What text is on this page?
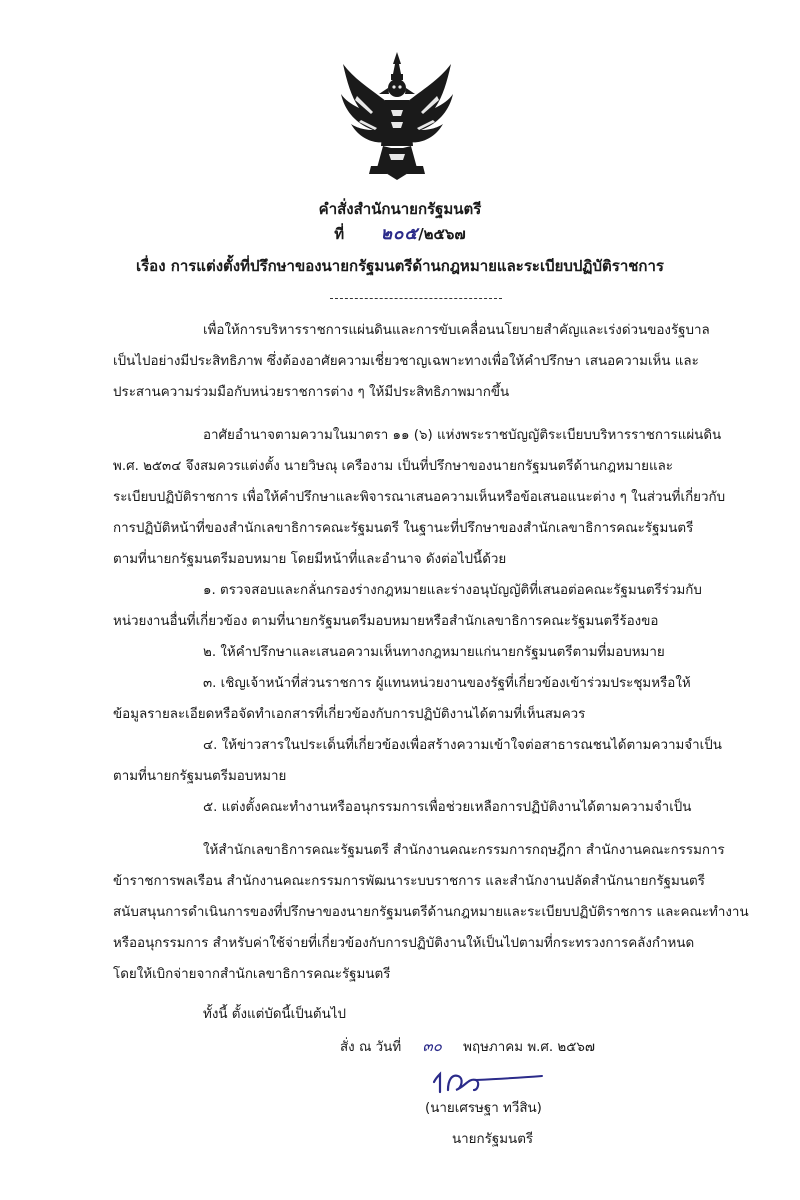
คำสั่งสำนักนายกรัฐมนตรี
ที่ ๒๐๕/๒๕๖๗
เรื่อง การแต่งตั้งที่ปรึกษาของนายกรัฐมนตรีด้านกฎหมายและระเบียบปฏิบัติราชการ
เพื่อให้การบริหารราชการแผ่นดินและการขับเคลื่อนนโยบายสำคัญและเร่งด่วนของรัฐบาล
เป็นไปอย่างมีประสิทธิภาพ ซึ่งต้องอาศัยความเชี่ยวชาญเฉพาะทางเพื่อให้คำปรึกษา เสนอความเห็น และ
ประสานความร่วมมือกับหน่วยราชการต่าง ๆ ให้มีประสิทธิภาพมากขึ้น
อาศัยอำนาจตามความในมาตรา ๑๑ (๖) แห่งพระราชบัญญัติระเบียบบริหารราชการแผ่นดิน
พ.ศ. ๒๕๓๔ จึงสมควรแต่งตั้ง นายวิษณุ เครืองาม เป็นที่ปรึกษาของนายกรัฐมนตรีด้านกฎหมายและ
ระเบียบปฏิบัติราชการ เพื่อให้คำปรึกษาและพิจารณาเสนอความเห็นหรือข้อเสนอแนะต่าง ๆ ในส่วนที่เกี่ยวกับ
การปฏิบัติหน้าที่ของสำนักเลขาธิการคณะรัฐมนตรี ในฐานะที่ปรึกษาของสำนักเลขาธิการคณะรัฐมนตรี
ตามที่นายกรัฐมนตรีมอบหมาย โดยมีหน้าที่และอำนาจ ดังต่อไปนี้ด้วย
๑. ตรวจสอบและกลั่นกรองร่างกฎหมายและร่างอนุบัญญัติที่เสนอต่อคณะรัฐมนตรีร่วมกับ
หน่วยงานอื่นที่เกี่ยวข้อง ตามที่นายกรัฐมนตรีมอบหมายหรือสำนักเลขาธิการคณะรัฐมนตรีร้องขอ
๒. ให้คำปรึกษาและเสนอความเห็นทางกฎหมายแก่นายกรัฐมนตรีตามที่มอบหมาย
๓. เชิญเจ้าหน้าที่ส่วนราชการ ผู้แทนหน่วยงานของรัฐที่เกี่ยวข้องเข้าร่วมประชุมหรือให้
ข้อมูลรายละเอียดหรือจัดทำเอกสารที่เกี่ยวข้องกับการปฏิบัติงานได้ตามที่เห็นสมควร
๔. ให้ข่าวสารในประเด็นที่เกี่ยวข้องเพื่อสร้างความเข้าใจต่อสาธารณชนได้ตามความจำเป็น
ตามที่นายกรัฐมนตรีมอบหมาย
๕. แต่งตั้งคณะทำงานหรืออนุกรรมการเพื่อช่วยเหลือการปฏิบัติงานได้ตามความจำเป็น
ให้สำนักเลขาธิการคณะรัฐมนตรี สำนักงานคณะกรรมการกฤษฎีกา สำนักงานคณะกรรมการ
ข้าราชการพลเรือน สำนักงานคณะกรรมการพัฒนาระบบราชการ และสำนักงานปลัดสำนักนายกรัฐมนตรี
สนับสนุนการดำเนินการของที่ปรึกษาของนายกรัฐมนตรีด้านกฎหมายและระเบียบปฏิบัติราชการ และคณะทำงาน
หรืออนุกรรมการ สำหรับค่าใช้จ่ายที่เกี่ยวข้องกับการปฏิบัติงานให้เป็นไปตามที่กระทรวงการคลังกำหนด
โดยให้เบิกจ่ายจากสำนักเลขาธิการคณะรัฐมนตรี
ทั้งนี้ ตั้งแต่บัดนี้เป็นต้นไป
สั่ง ณ วันที่ ๓๐ พฤษภาคม พ.ศ. ๒๕๖๗
(นายเศรษฐา ทวีสิน)
นายกรัฐมนตรี
